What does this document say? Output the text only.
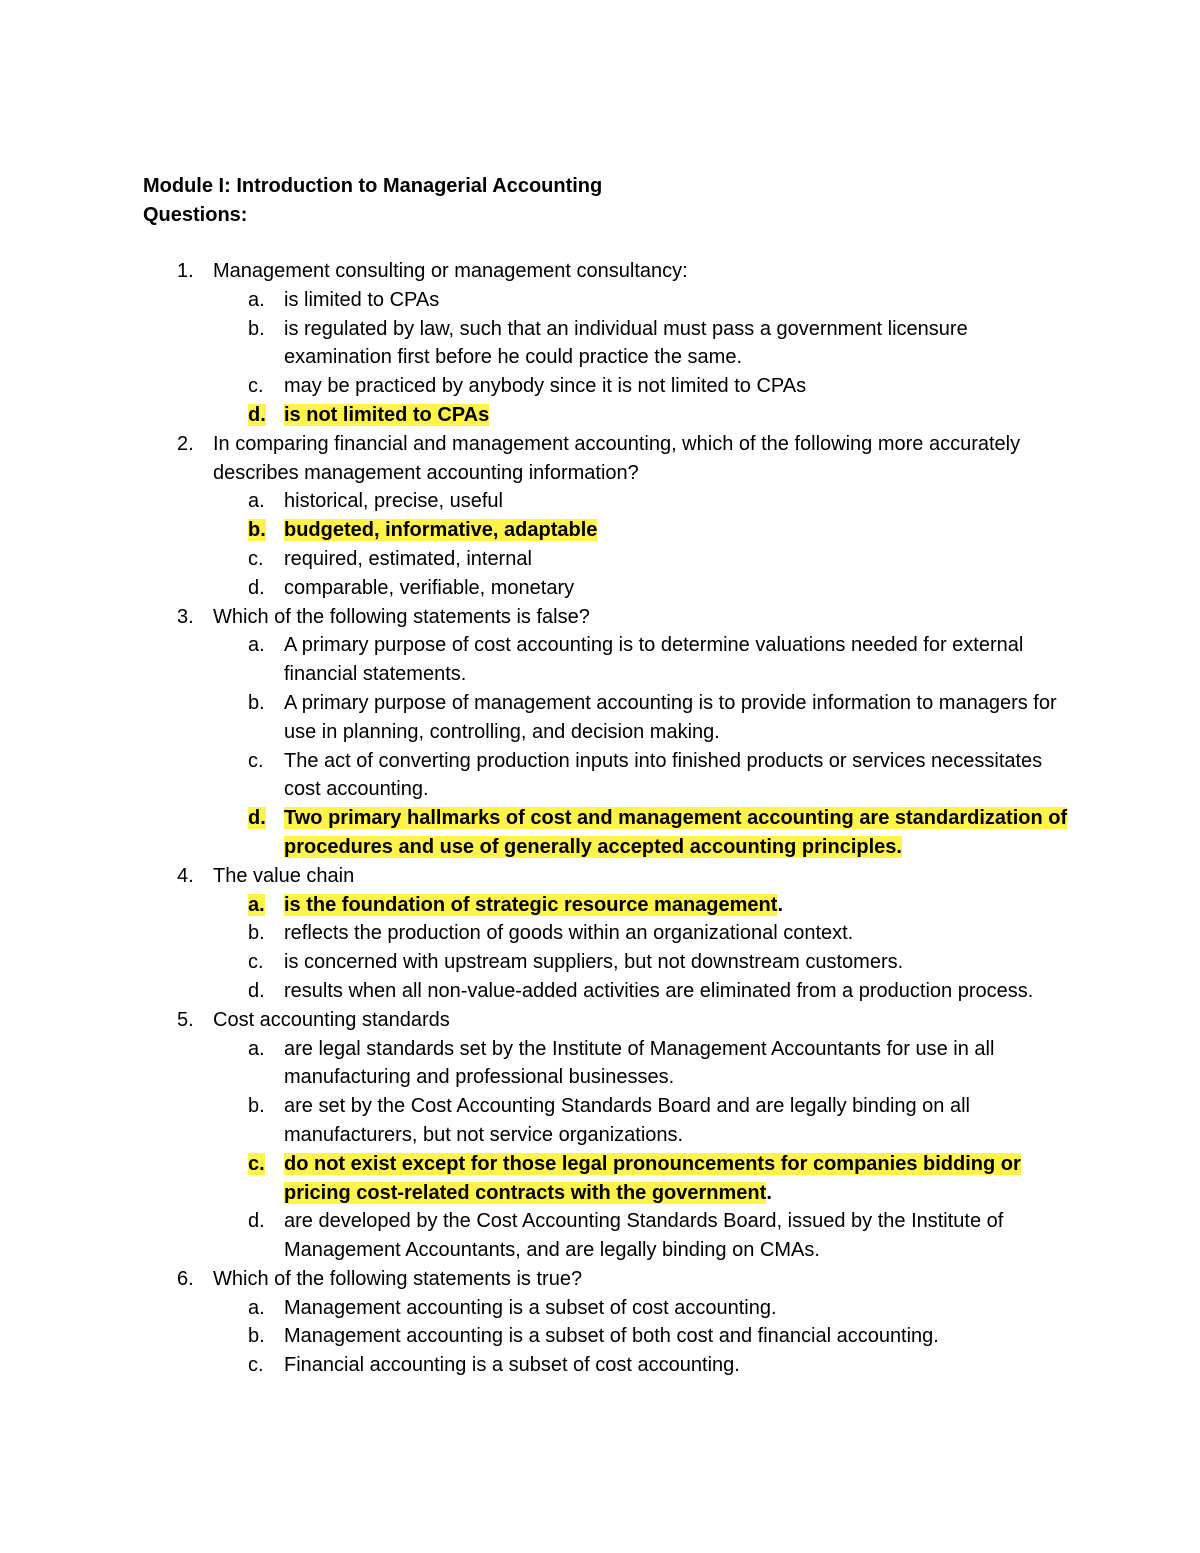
Module I: Introduction to Managerial Accounting
Questions:
1. Management consulting or management consultancy:
a. is limited to CPAs
b. is regulated by law, such that an individual must pass a government licensure examination first before he could practice the same.
c.	may be practiced by anybody since it is not limited to CPAs
d. is not limited to CPAs
2. In comparing financial and management accounting, which of the following more accurately describes management accounting information?
a. historical, precise, useful
b. budgeted, informative, adaptable
c.	required, estimated, internal
d. comparable, verifiable, monetary
3. Which of the following statements is false?
a. A primary purpose of cost accounting is to determine valuations needed for external financial statements.
b. A primary purpose of management accounting is to provide information to managers for use in planning, controlling, and decision making.
c.	The act of converting production inputs into finished products or services necessitates cost accounting.
d. Two primary hallmarks of cost and management accounting are standardization of procedures and use of generally accepted accounting principles.
4. The value chain
a. is the foundation of strategic resource management.
b. reflects the production of goods within an organizational context.
c.	is concerned with upstream suppliers, but not downstream customers.
d. results when all non-value-added activities are eliminated from a production process.
5. Cost accounting standards
a. are legal standards set by the Institute of Management Accountants for use in all manufacturing and professional businesses.
b. are set by the Cost Accounting Standards Board and are legally binding on all manufacturers, but not service organizations.
c. do not exist except for those legal pronouncements for companies bidding or pricing cost-related contracts with the government.
d. are developed by the Cost Accounting Standards Board, issued by the Institute of Management Accountants, and are legally binding on CMAs.
6. Which of the following statements is true?
a. Management accounting is a subset of cost accounting.
b. Management accounting is a subset of both cost and financial accounting.
c.	Financial accounting is a subset of cost accounting.
